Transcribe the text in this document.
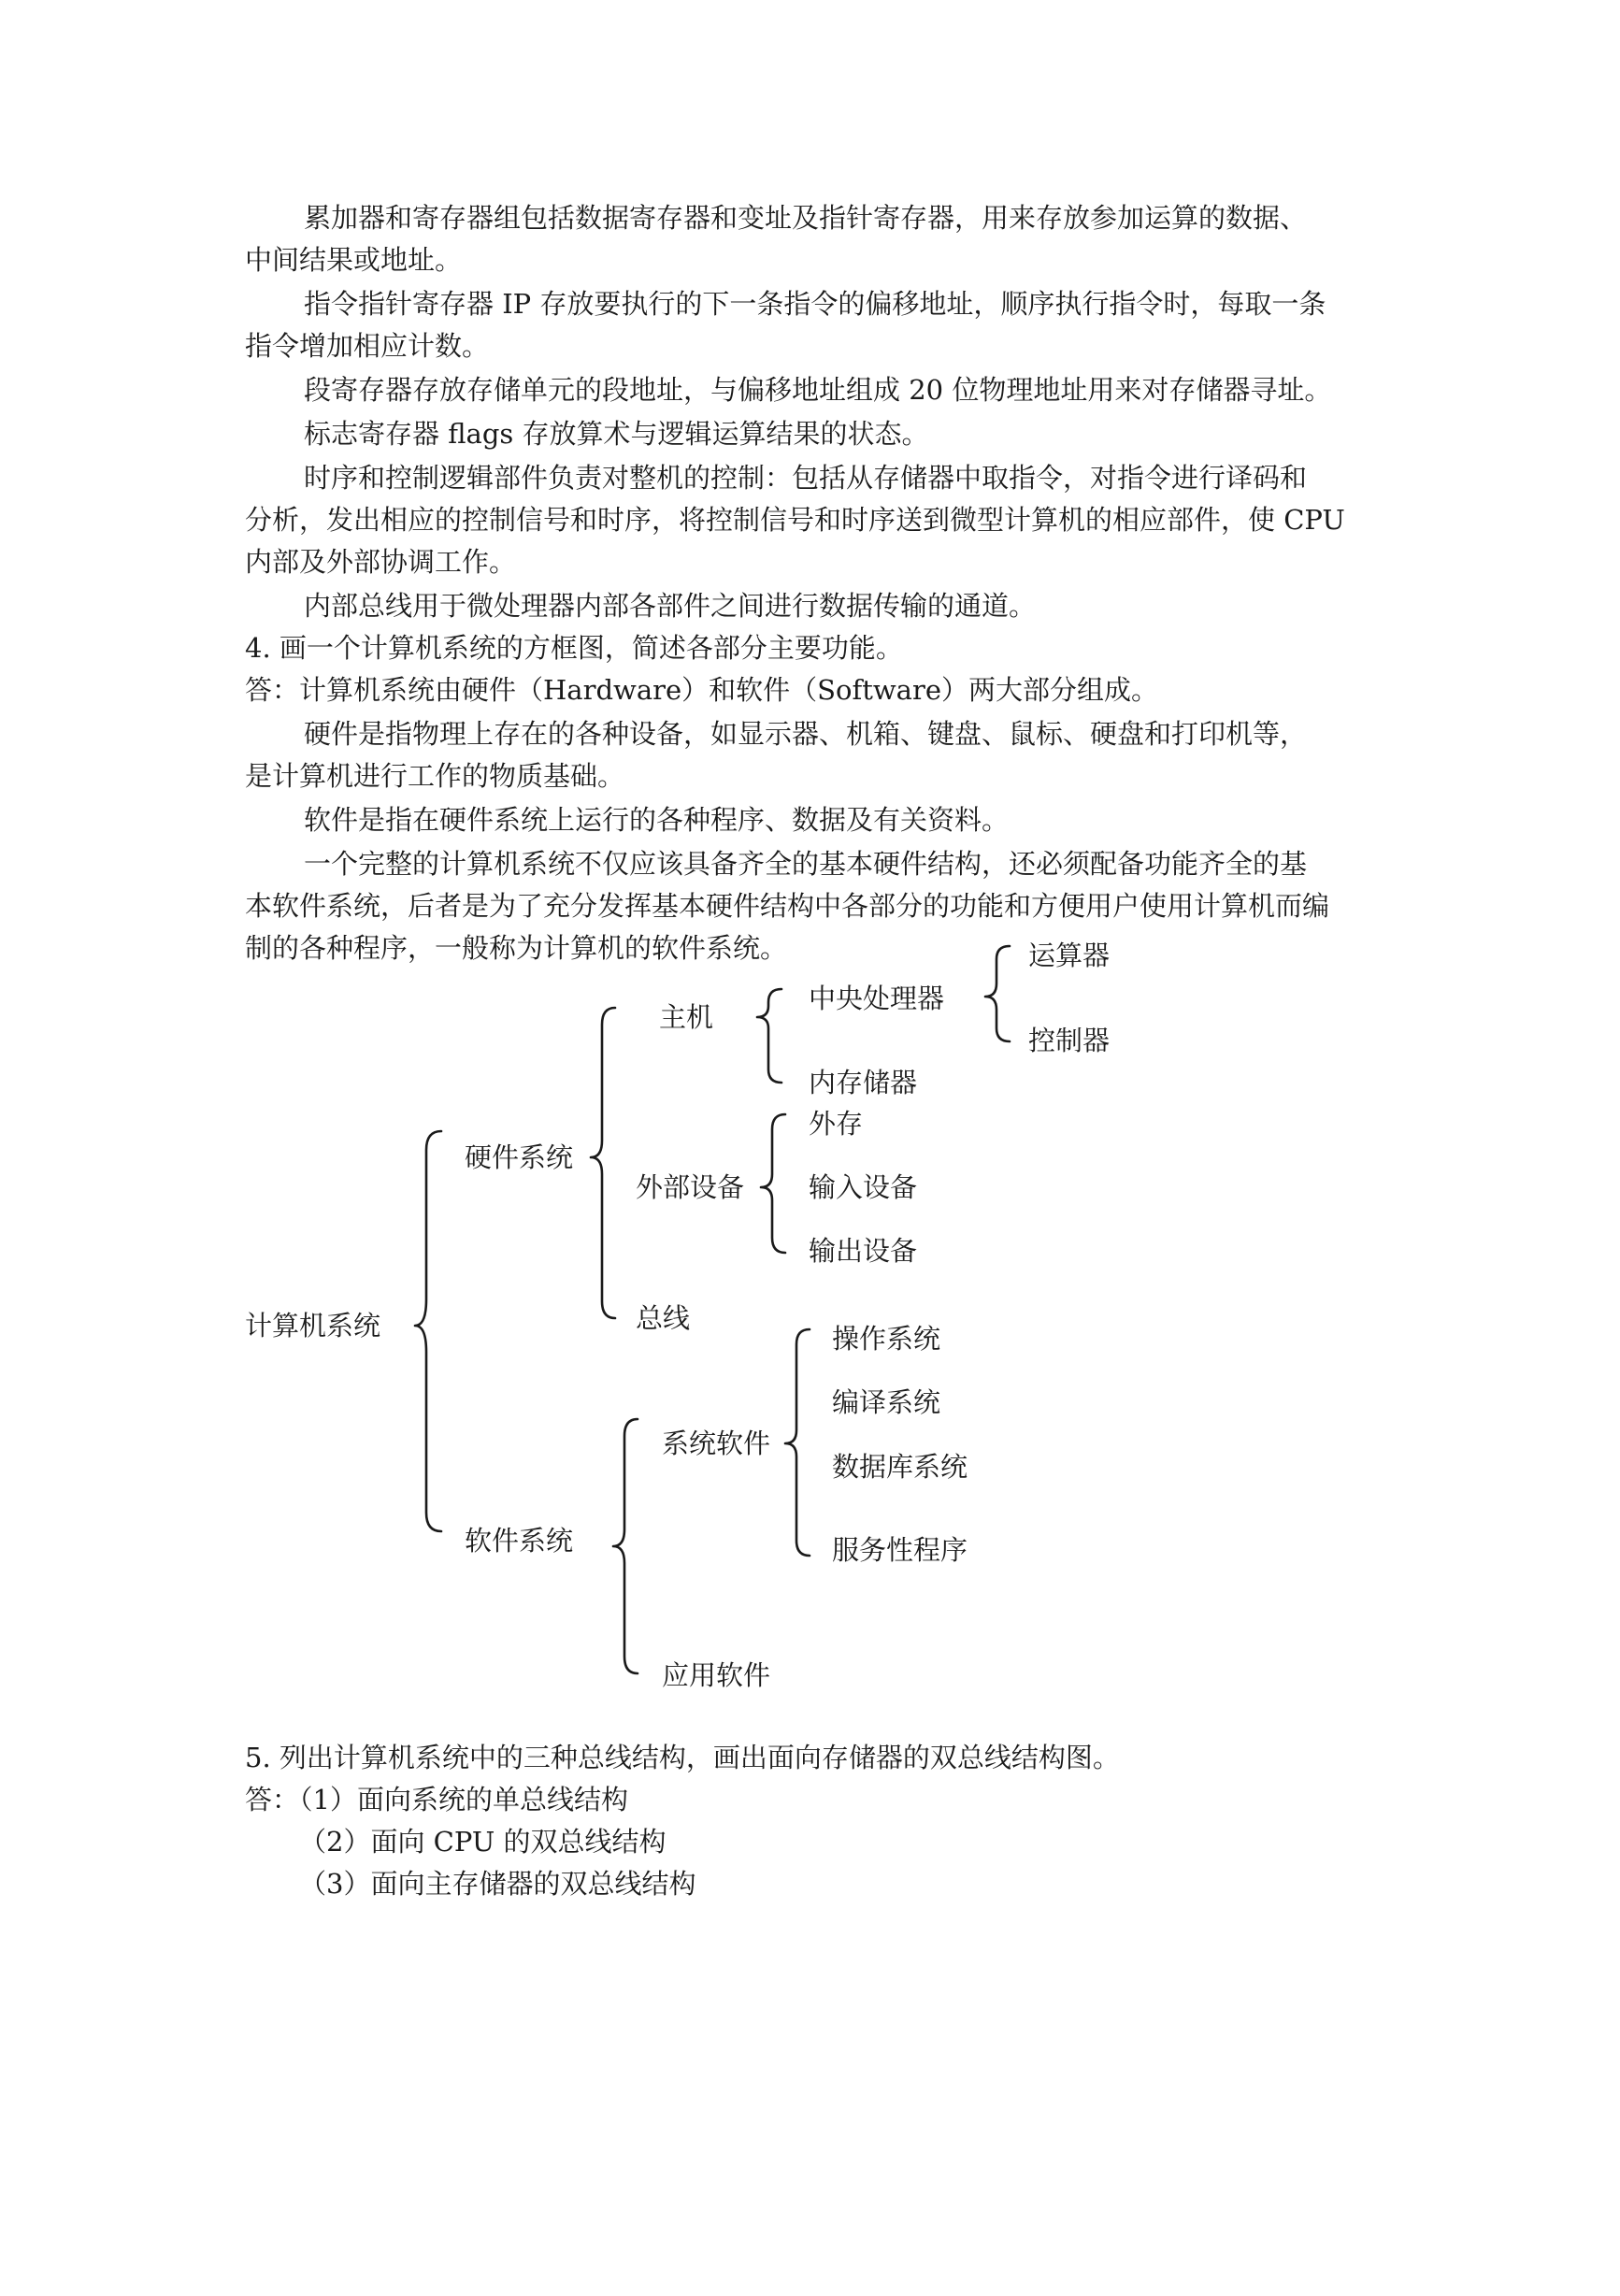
累加器和寄存器组包括数据寄存器和变址及指针寄存器，用来存放参加运算的数据、

中间结果或地址。

指令指针寄存器 IP 存放要执行的下一条指令的偏移地址，顺序执行指令时，每取一条

指令增加相应计数。

段寄存器存放存储单元的段地址，与偏移地址组成 20 位物理地址用来对存储器寻址。

标志寄存器 flags 存放算术与逻辑运算结果的状态。

时序和控制逻辑部件负责对整机的控制：包括从存储器中取指令，对指令进行译码和

分析，发出相应的控制信号和时序，将控制信号和时序送到微型计算机的相应部件，使 CPU

内部及外部协调工作。

内部总线用于微处理器内部各部件之间进行数据传输的通道。

4. 画一个计算机系统的方框图，简述各部分主要功能。

答：计算机系统由硬件（Hardware）和软件（Software）两大部分组成。

硬件是指物理上存在的各种设备，如显示器、机箱、键盘、鼠标、硬盘和打印机等，

是计算机进行工作的物质基础。

软件是指在硬件系统上运行的各种程序、数据及有关资料。

一个完整的计算机系统不仅应该具备齐全的基本硬件结构，还必须配备功能齐全的基

本软件系统，后者是为了充分发挥基本硬件结构中各部分的功能和方便用户使用计算机而编

制的各种程序，一般称为计算机的软件系统。

计算机系统
硬件系统
主机
中央处理器
运算器
控制器
内存储器
外部设备
外存
输入设备
输出设备
总线
软件系统
系统软件
操作系统
编译系统
数据库系统
服务性程序
应用软件

5. 列出计算机系统中的三种总线结构，画出面向存储器的双总线结构图。

答：（1）面向系统的单总线结构

（2）面向 CPU 的双总线结构

（3）面向主存储器的双总线结构
